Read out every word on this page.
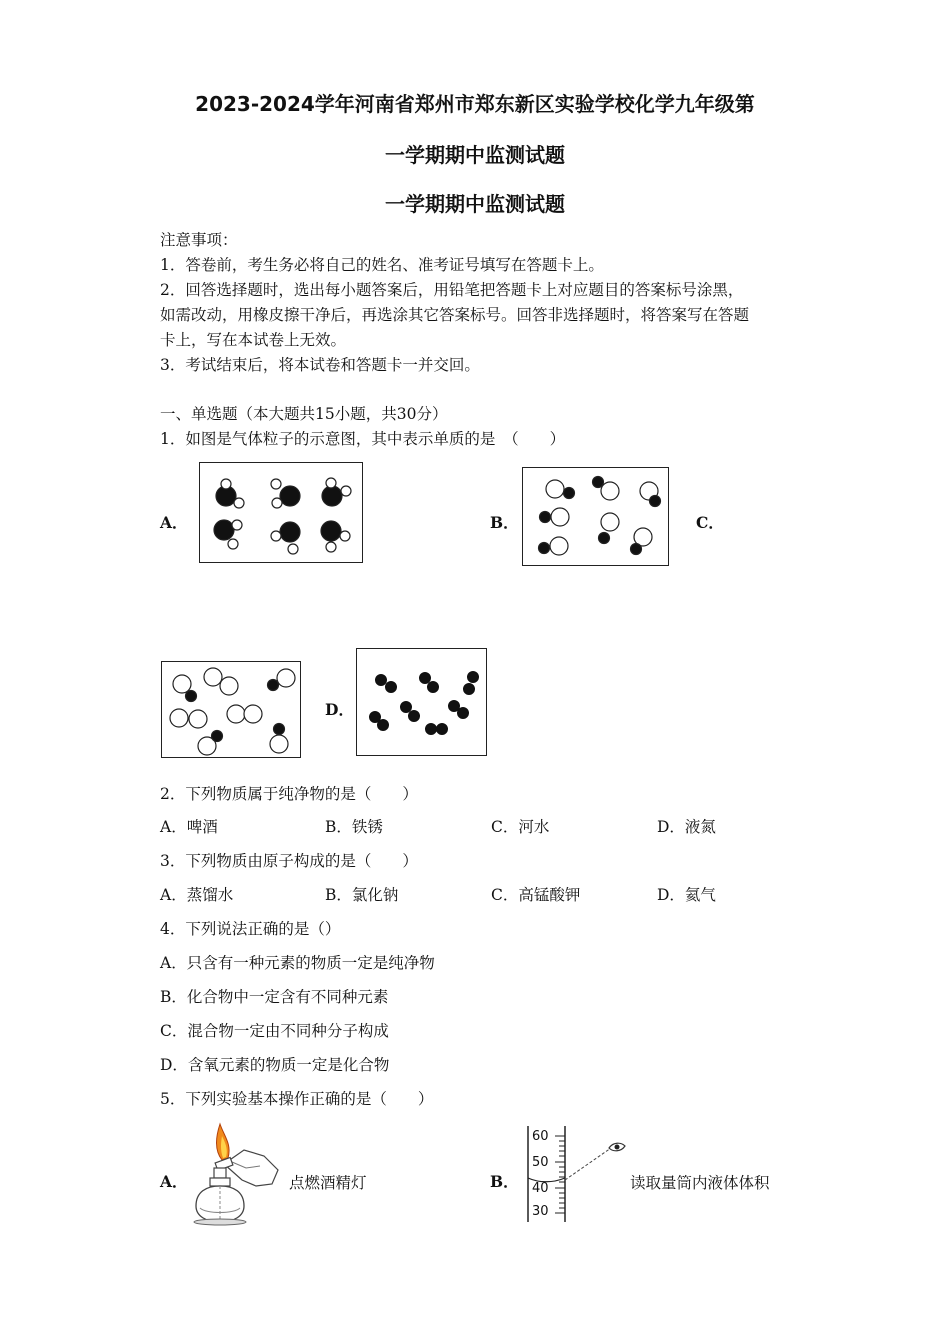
2023-2024学年河南省郑州市郑东新区实验学校化学九年级第
一学期期中监测试题
一学期期中监测试题
注意事项：
1．答卷前，考生务必将自己的姓名、准考证号填写在答题卡上。
2．回答选择题时，选出每小题答案后，用铅笔把答题卡上对应题目的答案标号涂黑，
如需改动，用橡皮擦干净后，再选涂其它答案标号。回答非选择题时，将答案写在答题
卡上，写在本试卷上无效。
3．考试结束后，将本试卷和答题卡一并交回。
一、单选题（本大题共15小题，共30分）
1．如图是气体粒子的示意图，其中表示单质的是　（　　）
A．	B．	C．
D．
2．下列物质属于纯净物的是（　　）
A．啤酒	B．铁锈	C．河水	D．液氮
3．下列物质由原子构成的是（　　）
A．蒸馏水	B．氯化钠	C．高锰酸钾	D．氦气
4．下列说法正确的是（）
A．只含有一种元素的物质一定是纯净物
B．化合物中一定含有不同种元素
C．混合物一定由不同种分子构成
D．含氧元素的物质一定是化合物
5．下列实验基本操作正确的是（　　）
A．	点燃酒精灯	B．
60
50
40
30
读取量筒内液体体积
